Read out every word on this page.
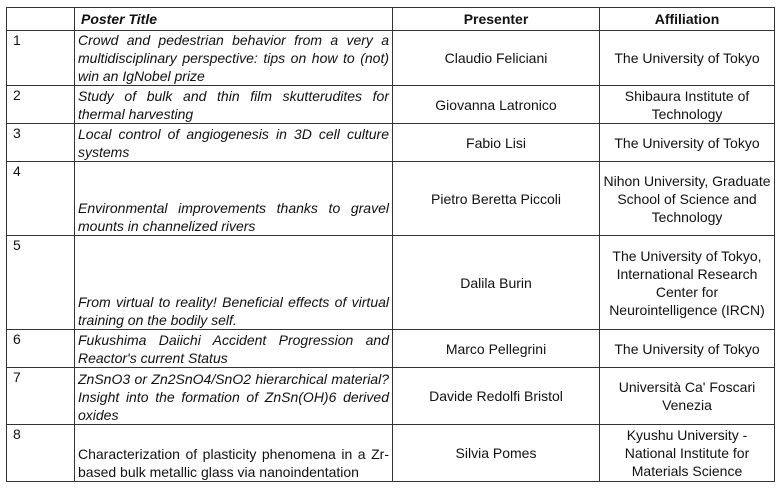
	Poster Title	Presenter	Affiliation
1	Crowd and pedestrian behavior from a very a multidisciplinary perspective: tips on how to (not) win an IgNobel prize	Claudio Feliciani	The University of Tokyo
2	Study of bulk and thin film skutterudites for thermal harvesting	Giovanna Latronico	Shibaura Institute of Technology
3	Local control of angiogenesis in 3D cell culture systems	Fabio Lisi	The University of Tokyo
4	Environmental improvements thanks to gravel mounts in channelized rivers	Pietro Beretta Piccoli	Nihon University, Graduate School of Science and Technology
5	From virtual to reality! Beneficial effects of virtual training on the bodily self.	Dalila Burin	The University of Tokyo, International Research Center for Neurointelligence (IRCN)
6	Fukushima Daiichi Accident Progression and Reactor's current Status	Marco Pellegrini	The University of Tokyo
7	ZnSnO3 or Zn2SnO4/SnO2 hierarchical material? Insight into the formation of ZnSn(OH)6 derived oxides	Davide Redolfi Bristol	Università Ca' Foscari Venezia
8	Characterization of plasticity phenomena in a Zr-based bulk metallic glass via nanoindentation	Silvia Pomes	Kyushu University - National Institute for Materials Science
